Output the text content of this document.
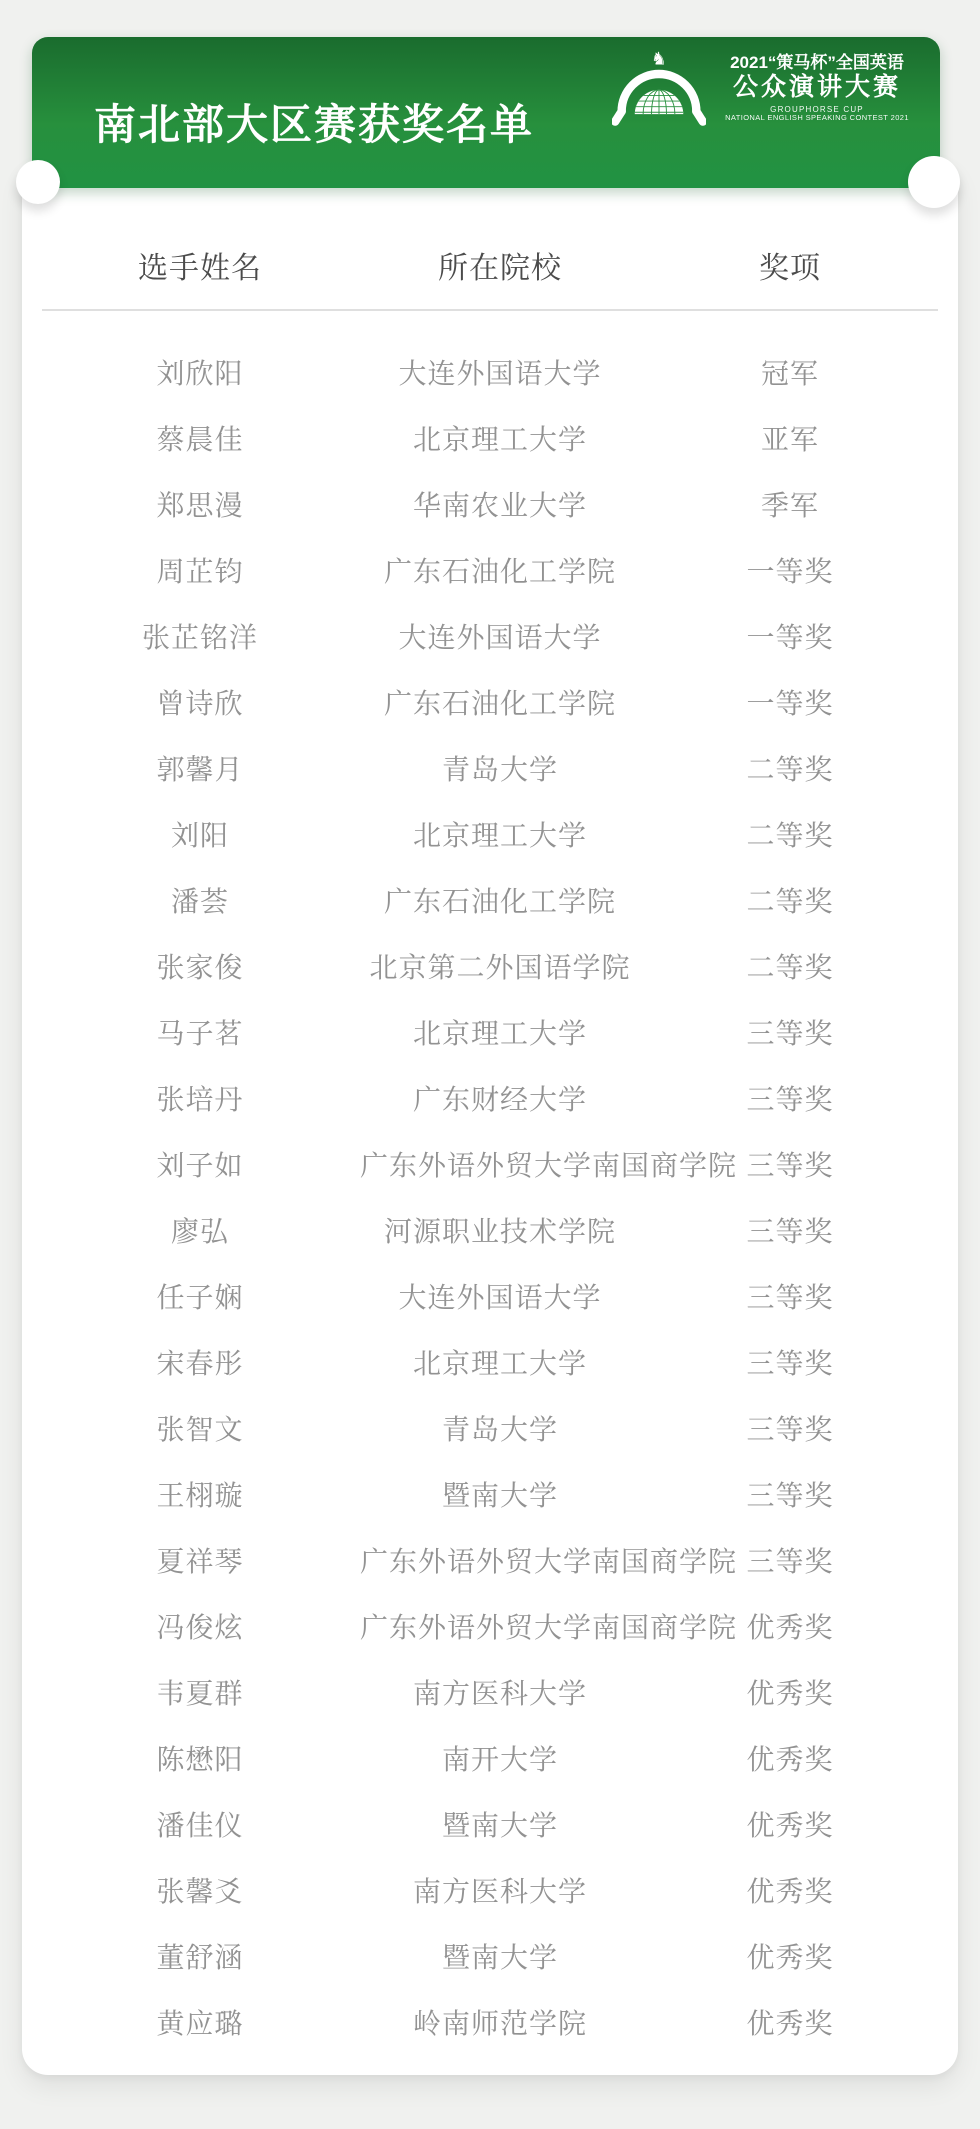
选手姓名	所在院校	奖项
刘欣阳	大连外国语大学	冠军
蔡晨佳	北京理工大学	亚军
郑思漫	华南农业大学	季军
周芷钧	广东石油化工学院	一等奖
张芷铭洋	大连外国语大学	一等奖
曾诗欣	广东石油化工学院	一等奖
郭馨月	青岛大学	二等奖
刘阳	北京理工大学	二等奖
潘荟	广东石油化工学院	二等奖
张家俊	北京第二外国语学院	二等奖
马子茗	北京理工大学	三等奖
张培丹	广东财经大学	三等奖
刘子如	广东外语外贸大学南国商学院 三等奖
廖弘	河源职业技术学院	三等奖
任子娴	大连外国语大学	三等奖
宋春彤	北京理工大学	三等奖
张智文	青岛大学	三等奖
王栩璇	暨南大学	三等奖
夏祥琴	广东外语外贸大学南国商学院 三等奖
冯俊炫	广东外语外贸大学南国商学院 优秀奖
韦夏群	南方医科大学	优秀奖
陈懋阳	南开大学	优秀奖
潘佳仪	暨南大学	优秀奖
张馨爻	南方医科大学	优秀奖
董舒涵	暨南大学	优秀奖
黄应璐	岭南师范学院	优秀奖
南北部大区赛获奖名单
♞	2021“策马杯”全国英语
公众演讲大赛
GROUPHORSE CUP
NATIONAL ENGLISH SPEAKING CONTEST 2021
